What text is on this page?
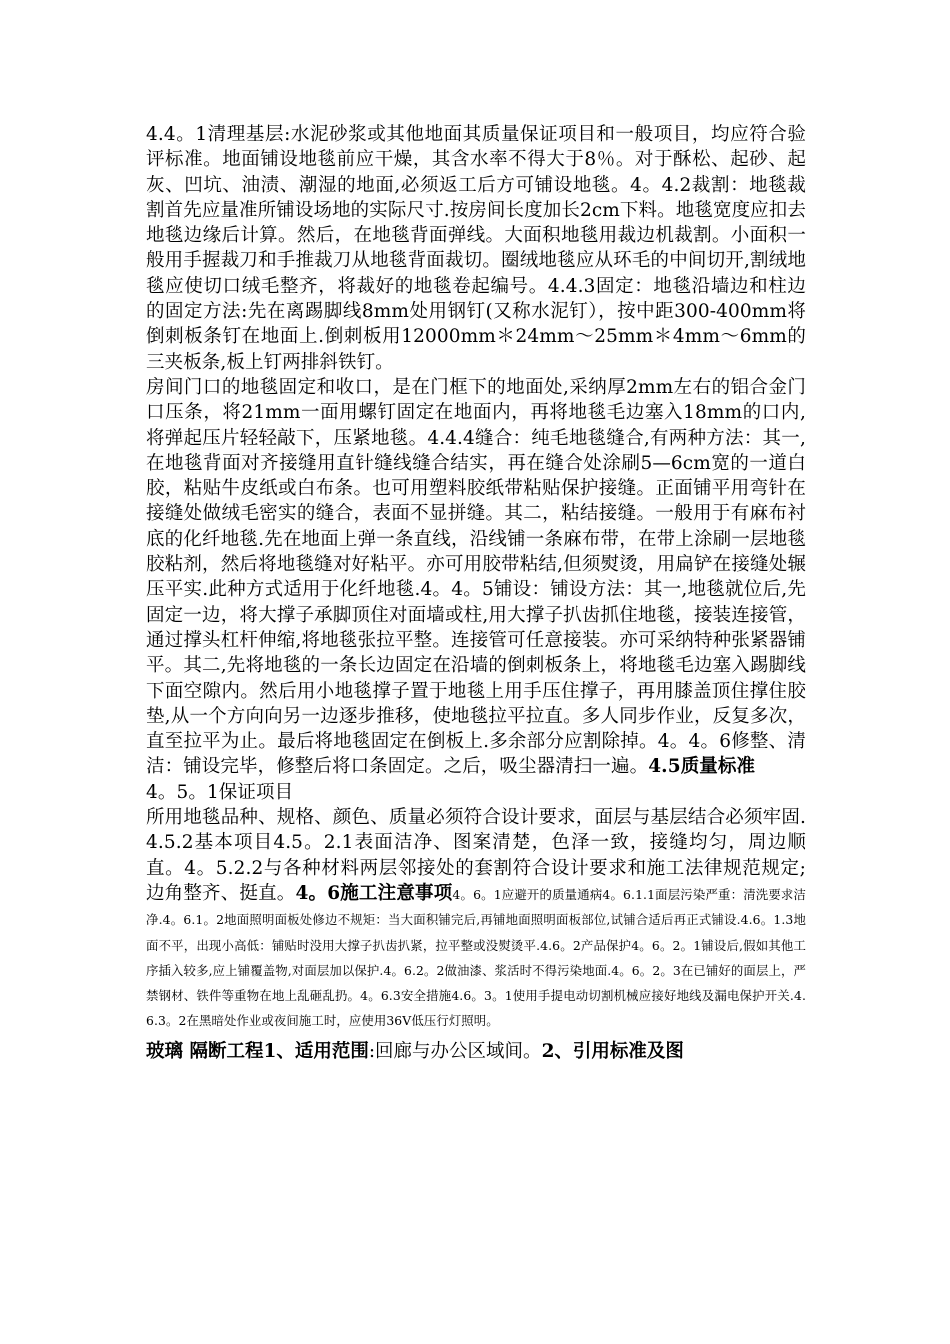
4.4。1清理基层:水泥砂浆或其他地面其质量保证项目和一般项目，均应符合验评标准。地面铺设地毯前应干燥，其含水率不得大于8％。对于酥松、起砂、起灰、凹坑、油渍、潮湿的地面,必须返工后方可铺设地毯。4。4.2裁割：地毯裁割首先应量准所铺设场地的实际尺寸.按房间长度加长2cm下料。地毯宽度应扣去地毯边缘后计算。然后，在地毯背面弹线。大面积地毯用裁边机裁割。小面积一般用手握裁刀和手推裁刀从地毯背面裁切。圈绒地毯应从环毛的中间切开,割绒地毯应使切口绒毛整齐，将裁好的地毯卷起编号。4.4.3固定：地毯沿墙边和柱边的固定方法:先在离踢脚线8mm处用钢钉(又称水泥钉），按中距300-400mm将倒刺板条钉在地面上.倒刺板用12000mm＊24mm～25mm＊4mm～6mm的三夹板条,板上钉两排斜铁钉。

房间门口的地毯固定和收口，是在门框下的地面处,采纳厚2mm左右的铝合金门口压条，将21mm一面用螺钉固定在地面内，再将地毯毛边塞入18mm的口内,将弹起压片轻轻敲下，压紧地毯。4.4.4缝合：纯毛地毯缝合,有两种方法：其一,在地毯背面对齐接缝用直针缝线缝合结实，再在缝合处涂刷5—6cm宽的一道白胶，粘贴牛皮纸或白布条。也可用塑料胶纸带粘贴保护接缝。正面铺平用弯针在接缝处做绒毛密实的缝合，表面不显拼缝。其二，粘结接缝。一般用于有麻布衬底的化纤地毯.先在地面上弹一条直线，沿线铺一条麻布带，在带上涂刷一层地毯胶粘剂，然后将地毯缝对好粘平。亦可用胶带粘结,但须熨烫，用扁铲在接缝处辗压平实.此种方式适用于化纤地毯.4。4。5铺设：铺设方法：其一,地毯就位后,先固定一边，将大撑子承脚顶住对面墙或柱,用大撑子扒齿抓住地毯，接装连接管，通过撑头杠杆伸缩,将地毯张拉平整。连接管可任意接装。亦可采纳特种张紧器铺平。其二,先将地毯的一条长边固定在沿墙的倒刺板条上，将地毯毛边塞入踢脚线下面空隙内。然后用小地毯撑子置于地毯上用手压住撑子，再用膝盖顶住撑住胶垫,从一个方向向另一边逐步推移，使地毯拉平拉直。多人同步作业，反复多次，直至拉平为止。最后将地毯固定在倒板上.多余部分应割除掉。4。4。6修整、清洁：铺设完毕，修整后将口条固定。之后，吸尘器清扫一遍。4.5质量标准

4。5。1保证项目

所用地毯品种、规格、颜色、质量必须符合设计要求，面层与基层结合必须牢固.4.5.2基本项目4.5。2.1表面洁净、图案清楚，色泽一致，接缝均匀，周边顺直。4。5.2.2与各种材料两层邻接处的套割符合设计要求和施工法律规范规定;边角整齐、挺直。4。6施工注意事项4。6。1应避开的质量通病4。6.1.1面层污染严重：清洗要求洁净.4。6.1。2地面照明面板处修边不规矩：当大面积铺完后,再铺地面照明面板部位,试铺合适后再正式铺设.4.6。1.3地面不平，出现小高低：铺贴时没用大撑子扒齿扒紧，拉平整或没熨烫平.4.6。2产品保护4。6。2。1铺设后,假如其他工序插入较多,应上铺覆盖物,对面层加以保护.4。6.2。2做油漆、浆活时不得污染地面.4。6。2。3在已铺好的面层上，严禁钢材、铁件等重物在地上乱砸乱扔。4。6.3安全措施4.6。3。1使用手提电动切割机械应接好地线及漏电保护开关.4.6.3。2在黑暗处作业或夜间施工时，应使用36V低压行灯照明。

玻璃 隔断工程1、适用范围:回廊与办公区域间。2、引用标准及图
